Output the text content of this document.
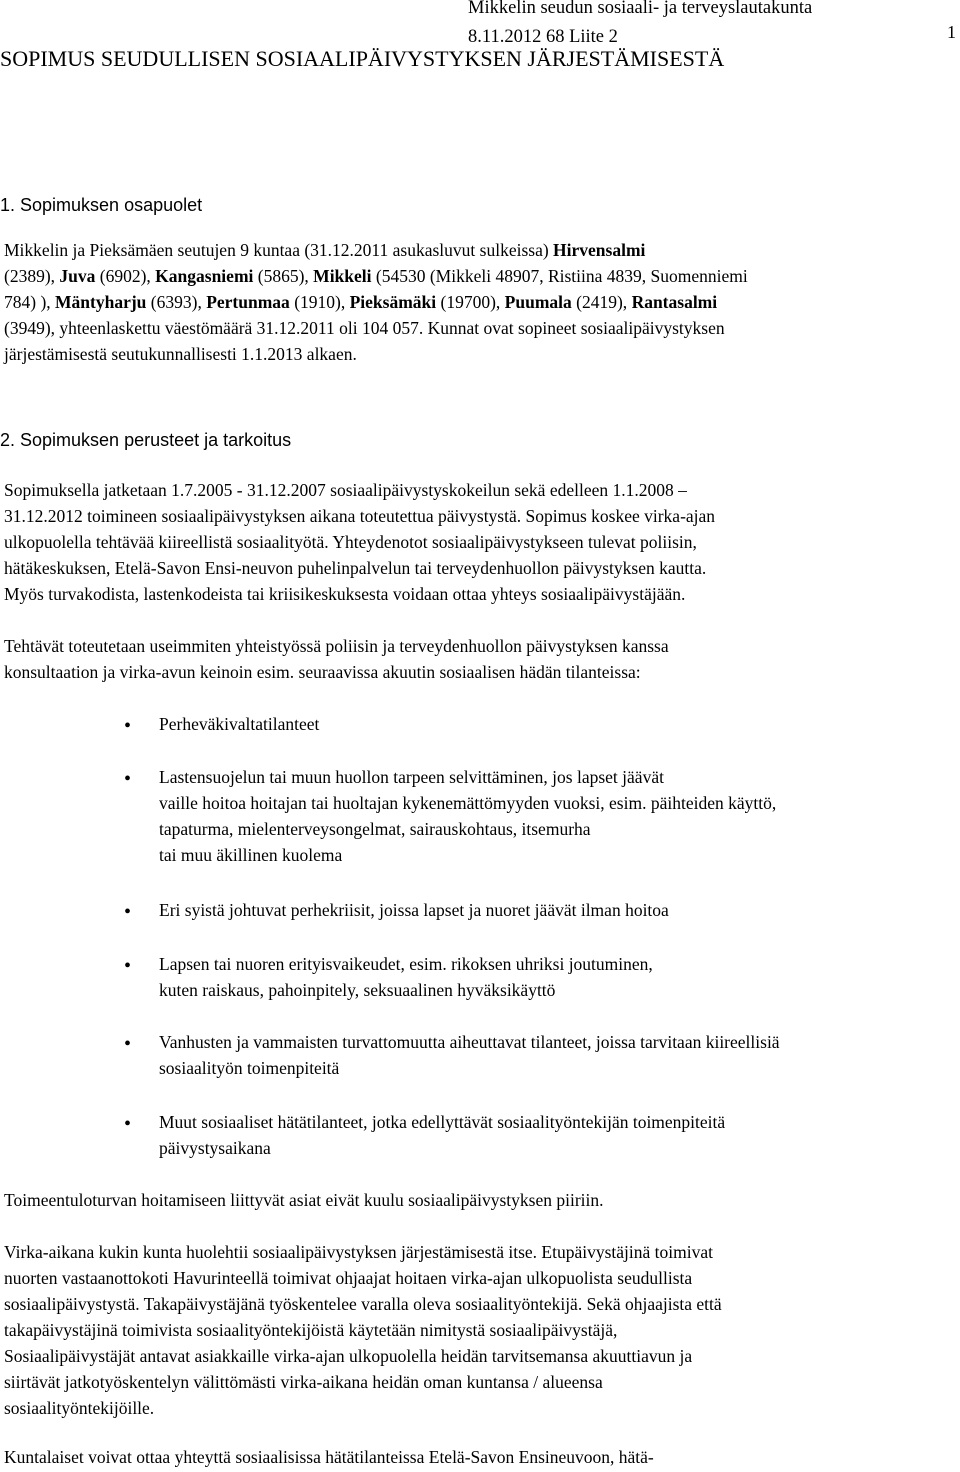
Mikkelin seudun sosiaali- ja terveyslautakunta
8.11.2012 68 Liite 2	1
SOPIMUS SEUDULLISEN SOSIAALIPÄIVYSTYKSEN JÄRJESTÄMISESTÄ
1. Sopimuksen osapuolet
Mikkelin ja Pieksämäen seutujen 9 kuntaa (31.12.2011 asukasluvut sulkeissa) Hirvensalmi
(2389), Juva (6902), Kangasniemi (5865), Mikkeli (54530 (Mikkeli 48907, Ristiina 4839, Suomenniemi
784) ), Mäntyharju (6393), Pertunmaa (1910), Pieksämäki (19700), Puumala (2419), Rantasalmi
(3949), yhteenlaskettu väestömäärä 31.12.2011 oli 104 057. Kunnat ovat sopineet sosiaalipäivystyksen
järjestämisestä seutukunnallisesti 1.1.2013 alkaen.
2. Sopimuksen perusteet ja tarkoitus
Sopimuksella jatketaan 1.7.2005 - 31.12.2007 sosiaalipäivystyskokeilun sekä edelleen 1.1.2008 –
31.12.2012 toimineen sosiaalipäivystyksen aikana toteutettua päivystystä. Sopimus koskee virka-ajan
ulkopuolella tehtävää kiireellistä sosiaalityötä. Yhteydenotot sosiaalipäivystykseen tulevat poliisin,
hätäkeskuksen, Etelä-Savon Ensi-neuvon puhelinpalvelun tai terveydenhuollon päivystyksen kautta.
Myös turvakodista, lastenkodeista tai kriisikeskuksesta voidaan ottaa yhteys sosiaalipäivystäjään.
Tehtävät toteutetaan useimmiten yhteistyössä poliisin ja terveydenhuollon päivystyksen kanssa
konsultaation ja virka-avun keinoin esim. seuraavissa akuutin sosiaalisen hädän tilanteissa:
• Perheväkivaltatilanteet
• Lastensuojelun tai muun huollon tarpeen selvittäminen, jos lapset jäävät
vaille hoitoa hoitajan tai huoltajan kykenemättömyyden vuoksi, esim. päihteiden käyttö,
tapaturma, mielenterveysongelmat, sairauskohtaus, itsemurha
tai muu äkillinen kuolema
• Eri syistä johtuvat perhekriisit, joissa lapset ja nuoret jäävät ilman hoitoa
• Lapsen tai nuoren erityisvaikeudet, esim. rikoksen uhriksi joutuminen,
kuten raiskaus, pahoinpitely, seksuaalinen hyväksikäyttö
• Vanhusten ja vammaisten turvattomuutta aiheuttavat tilanteet, joissa tarvitaan kiireellisiä
sosiaalityön toimenpiteitä
• Muut sosiaaliset hätätilanteet, jotka edellyttävät sosiaalityöntekijän toimenpiteitä
päivystysaikana
Toimeentuloturvan hoitamiseen liittyvät asiat eivät kuulu sosiaalipäivystyksen piiriin.
Virka-aikana kukin kunta huolehtii sosiaalipäivystyksen järjestämisestä itse. Etupäivystäjinä toimivat
nuorten vastaanottokoti Havurinteellä toimivat ohjaajat hoitaen virka-ajan ulkopuolista seudullista
sosiaalipäivystystä. Takapäivystäjänä työskentelee varalla oleva sosiaalityöntekijä. Sekä ohjaajista että
takapäivystäjinä toimivista sosiaalityöntekijöistä käytetään nimitystä sosiaalipäivystäjä,
Sosiaalipäivystäjät antavat asiakkaille virka-ajan ulkopuolella heidän tarvitsemansa akuuttiavun ja
siirtävät jatkotyöskentelyn välittömästi virka-aikana heidän oman kuntansa / alueensa
sosiaalityöntekijöille.
Kuntalaiset voivat ottaa yhteyttä sosiaalisissa hätätilanteissa Etelä-Savon Ensineuvoon, hätä-
